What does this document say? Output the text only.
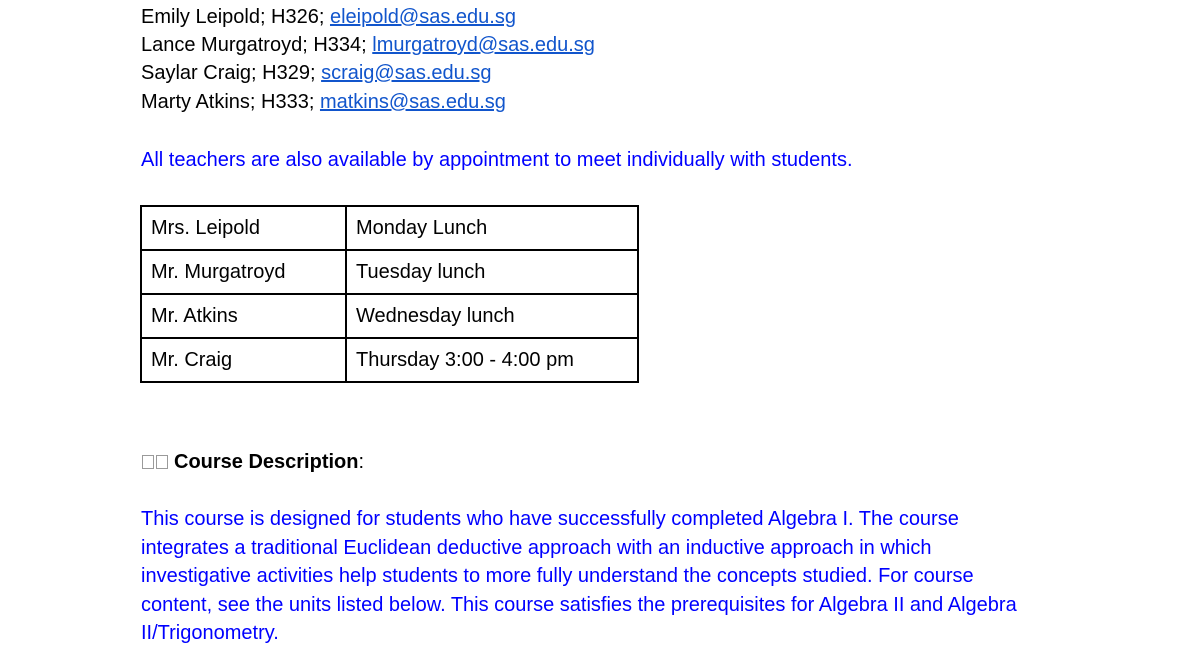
Emily Leipold; H326; eleipold@sas.edu.sg
Lance Murgatroyd; H334; lmurgatroyd@sas.edu.sg
Saylar Craig; H329; scraig@sas.edu.sg
Marty Atkins; H333; matkins@sas.edu.sg
All teachers are also available by appointment to meet individually with students.
Mrs. Leipold	Monday Lunch
Mr. Murgatroyd	Tuesday lunch
Mr. Atkins	Wednesday lunch
Mr. Craig	Thursday 3:00 - 4:00 pm
Course Description:
This course is designed for students who have successfully completed Algebra I. The course integrates a traditional Euclidean deductive approach with an inductive approach in which investigative activities help students to more fully understand the concepts studied. For course content, see the units listed below. This course satisfies the prerequisites for Algebra II and Algebra II/Trigonometry.
